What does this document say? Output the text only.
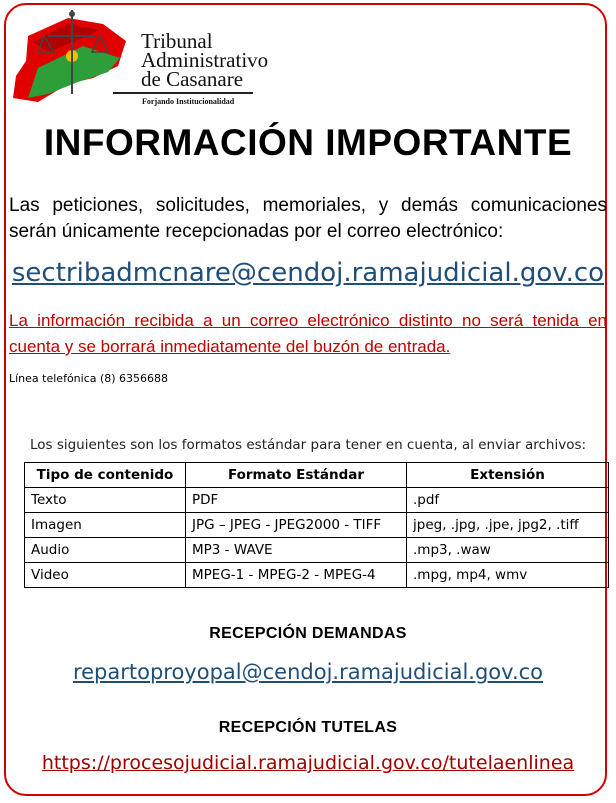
Tribunal
Administrativo
de Casanare
Forjando Institucionalidad
INFORMACIÓN IMPORTANTE
Las peticiones, solicitudes, memoriales, y demás comunicaciones serán únicamente recepcionadas por el correo electrónico:
sectribadmcnare@cendoj.ramajudicial.gov.co
La información recibida a un correo electrónico distinto no será tenida en cuenta y se borrará inmediatamente del buzón de entrada.
Línea telefónica (8) 6356688
Los siguientes son los formatos estándar para tener en cuenta, al enviar archivos:
Tipo de contenido	Formato Estándar	Extensión
Texto	PDF	.pdf
Imagen	JPG – JPEG - JPEG2000 - TIFF	jpeg, .jpg, .jpe, jpg2, .tiff
Audio	MP3 - WAVE	.mp3, .waw
Video	MPEG-1 - MPEG-2 - MPEG-4	.mpg, mp4, wmv
RECEPCIÓN DEMANDAS
repartoproyopal@cendoj.ramajudicial.gov.co
RECEPCIÓN TUTELAS
https://procesojudicial.ramajudicial.gov.co/tutelaenlinea
